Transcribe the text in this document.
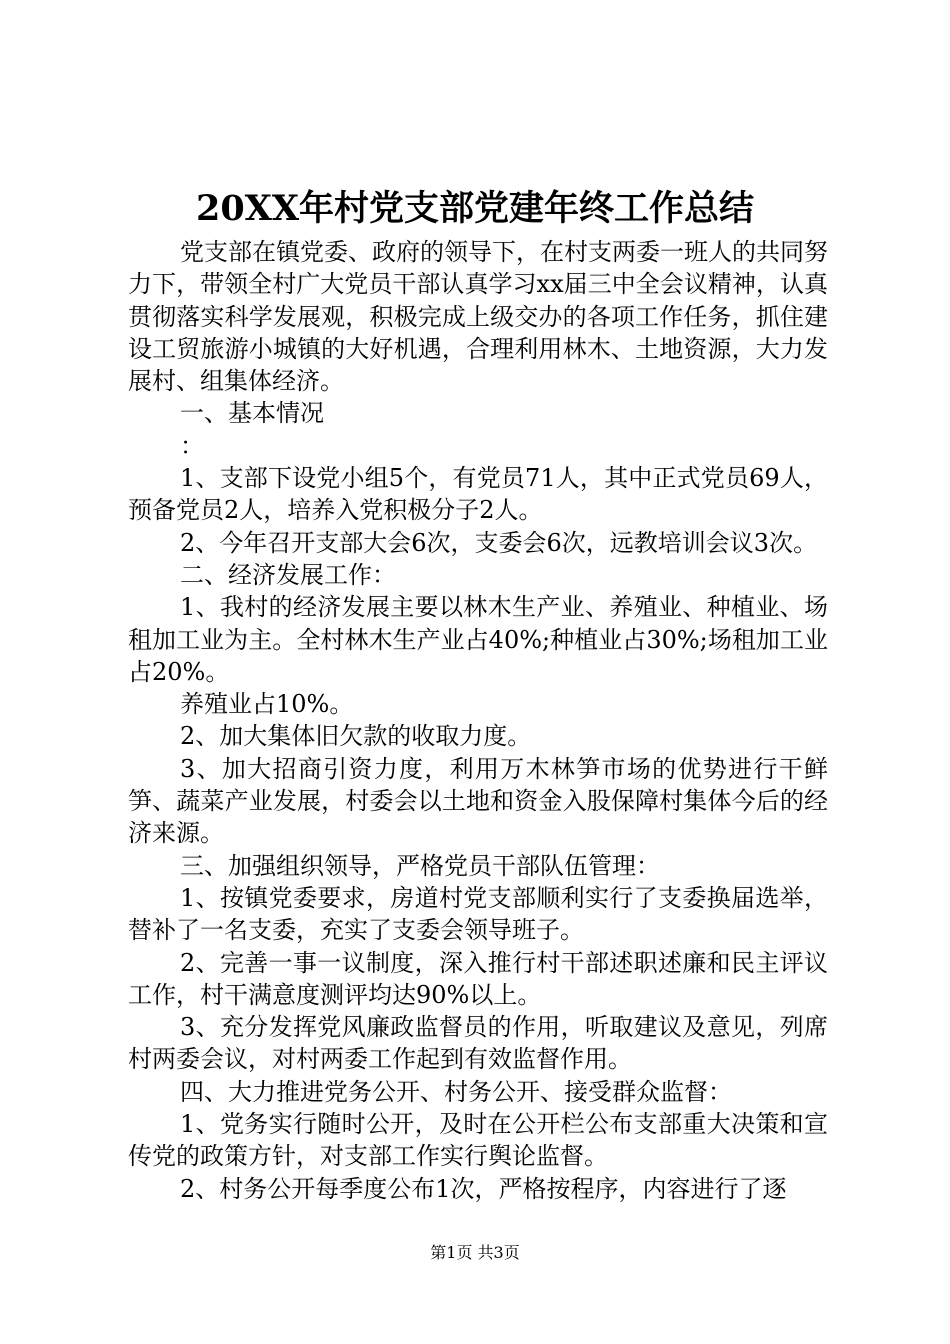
20XX年村党支部党建年终工作总结

党支部在镇党委、政府的领导下，在村支两委一班人的共同努力下，带领全村广大党员干部认真学习xx届三中全会议精神，认真贯彻落实科学发展观，积极完成上级交办的各项工作任务，抓住建设工贸旅游小城镇的大好机遇，合理利用林木、土地资源，大力发展村、组集体经济。

一、基本情况

：

1、支部下设党小组5个，有党员71人，其中正式党员69人，预备党员2人，培养入党积极分子2人。

2、今年召开支部大会6次，支委会6次，远教培训会议3次。

二、经济发展工作：

1、我村的经济发展主要以林木生产业、养殖业、种植业、场租加工业为主。全村林木生产业占40%;种植业占30%;场租加工业占20%。

养殖业占10%。

2、加大集体旧欠款的收取力度。

3、加大招商引资力度，利用万木林笋市场的优势进行干鲜笋、蔬菜产业发展，村委会以土地和资金入股保障村集体今后的经济来源。

三、加强组织领导，严格党员干部队伍管理：

1、按镇党委要求，房道村党支部顺利实行了支委换届选举，替补了一名支委，充实了支委会领导班子。

2、完善一事一议制度，深入推行村干部述职述廉和民主评议工作，村干满意度测评均达90%以上。

3、充分发挥党风廉政监督员的作用，听取建议及意见，列席村两委会议，对村两委工作起到有效监督作用。

四、大力推进党务公开、村务公开、接受群众监督：

1、党务实行随时公开，及时在公开栏公布支部重大决策和宣传党的政策方针，对支部工作实行舆论监督。

2、村务公开每季度公布1次，严格按程序，内容进行了逐

第1页 共3页
